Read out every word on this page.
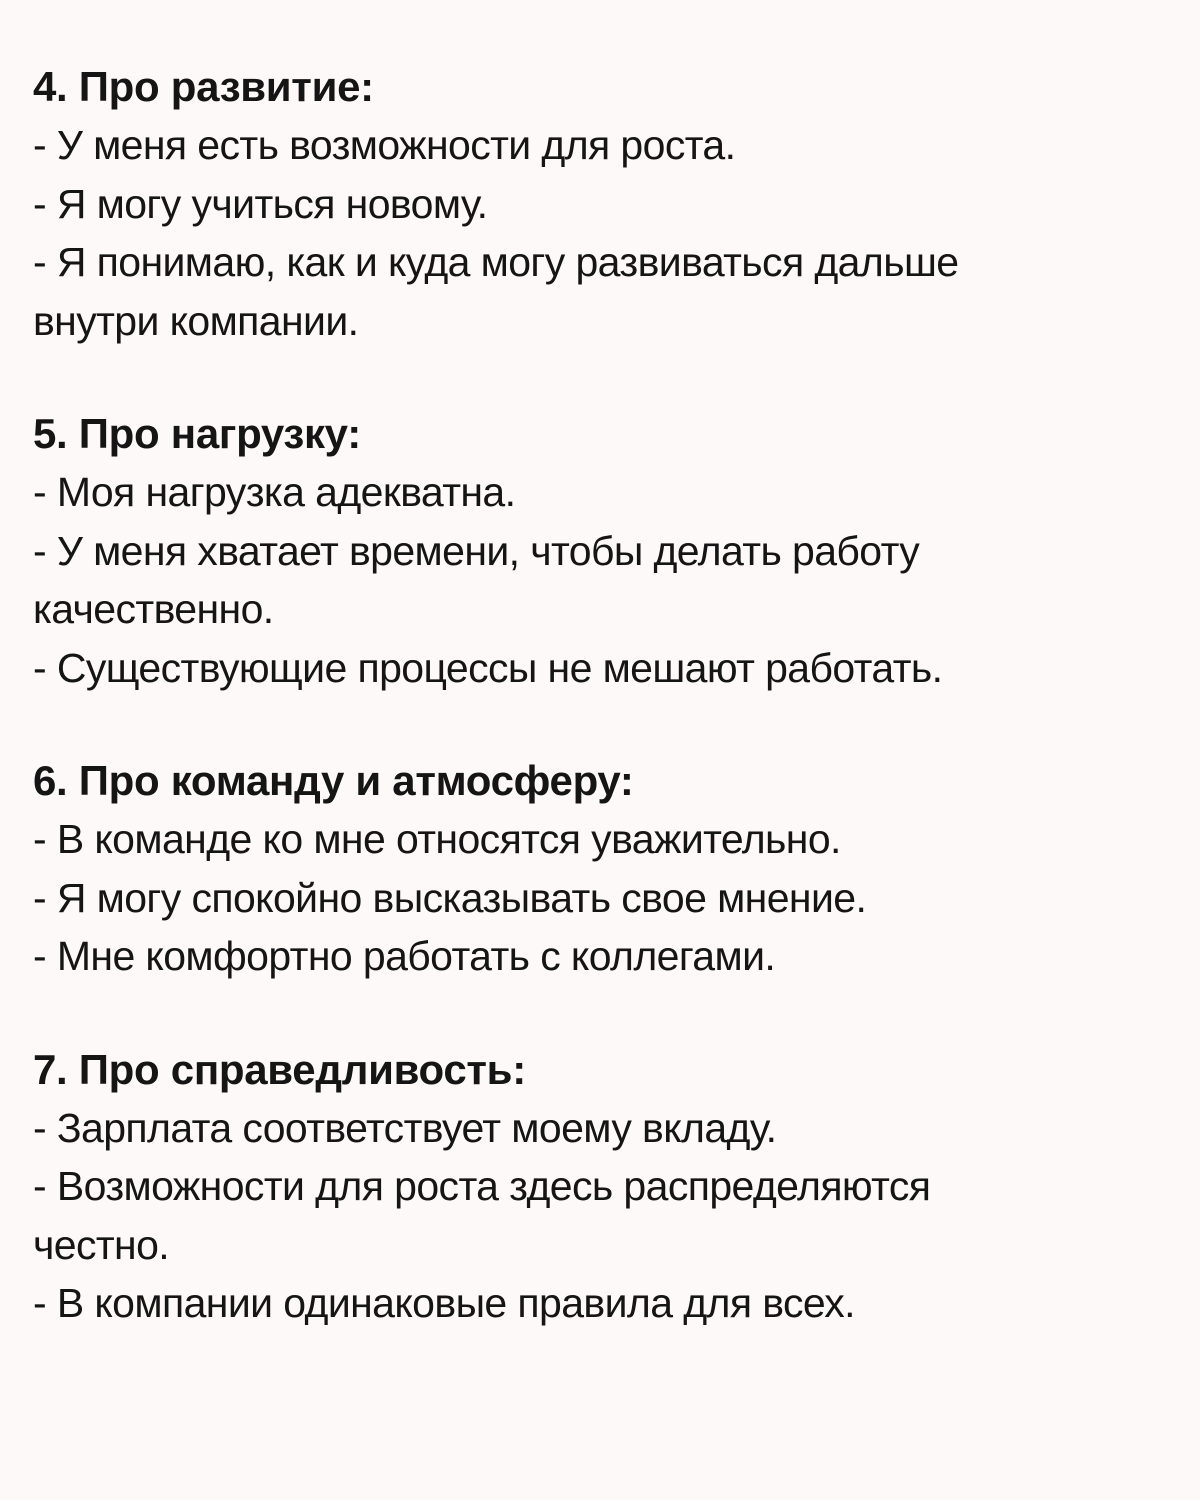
4. Про развитие:
- У меня есть возможности для роста.
- Я могу учиться новому.
- Я понимаю, как и куда могу развиваться дальше
внутри компании.
5. Про нагрузку:
- Моя нагрузка адекватна.
- У меня хватает времени, чтобы делать работу
качественно.
- Существующие процессы не мешают работать.
6. Про команду и атмосферу:
- В команде ко мне относятся уважительно.
- Я могу спокойно высказывать свое мнение.
- Мне комфортно работать с коллегами.
7. Про справедливость:
- Зарплата соответствует моему вкладу.
- Возможности для роста здесь распределяются
честно.
- В компании одинаковые правила для всех.
